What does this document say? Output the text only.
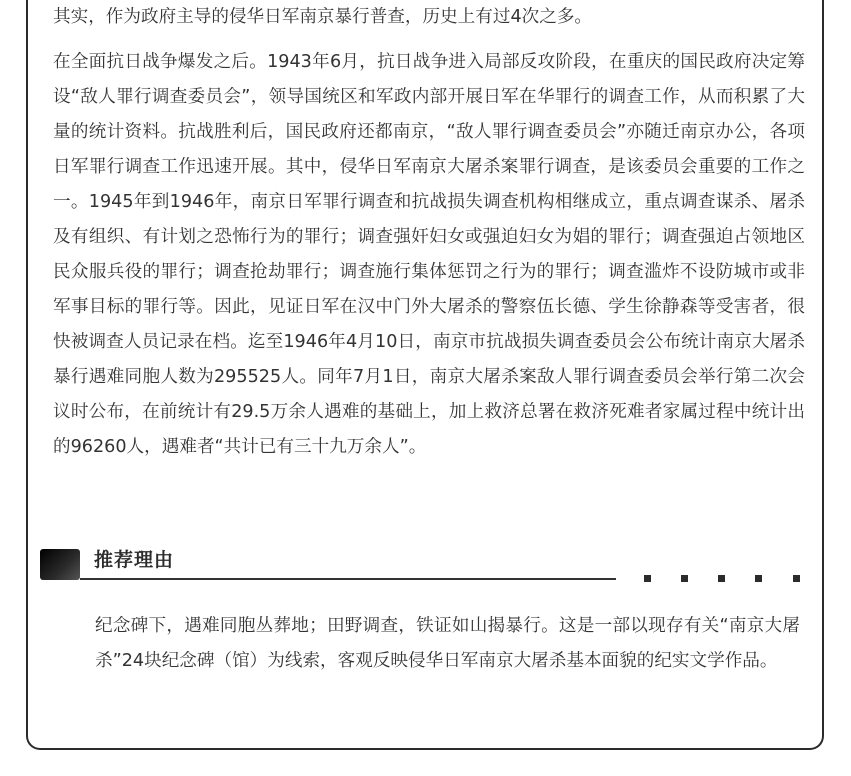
其实，作为政府主导的侵华日军南京暴行普查，历史上有过4次之多。

在全面抗日战争爆发之后。1943年6月，抗日战争进入局部反攻阶段，在重庆的国民政府决定筹设“敌人罪行调查委员会”，领导国统区和军政内部开展日军在华罪行的调查工作，从而积累了大量的统计资料。抗战胜利后，国民政府还都南京，“敌人罪行调查委员会”亦随迁南京办公，各项日军罪行调查工作迅速开展。其中，侵华日军南京大屠杀案罪行调查，是该委员会重要的工作之一。1945年到1946年，南京日军罪行调查和抗战损失调查机构相继成立，重点调查谋杀、屠杀及有组织、有计划之恐怖行为的罪行；调查强奸妇女或强迫妇女为娼的罪行；调查强迫占领地区民众服兵役的罪行；调查抢劫罪行；调查施行集体惩罚之行为的罪行；调查滥炸不设防城市或非军事目标的罪行等。因此，见证日军在汉中门外大屠杀的警察伍长德、学生徐静森等受害者，很快被调查人员记录在档。迄至1946年4月10日，南京市抗战损失调查委员会公布统计南京大屠杀暴行遇难同胞人数为295525人。同年7月1日，南京大屠杀案敌人罪行调查委员会举行第二次会议时公布，在前统计有29.5万余人遇难的基础上，加上救济总署在救济死难者家属过程中统计出的96260人，遇难者“共计已有三十九万余人”。

推荐理由

纪念碑下，遇难同胞丛葬地；田野调查，铁证如山揭暴行。这是一部以现存有关“南京大屠杀”24块纪念碑（馆）为线索，客观反映侵华日军南京大屠杀基本面貌的纪实文学作品。
